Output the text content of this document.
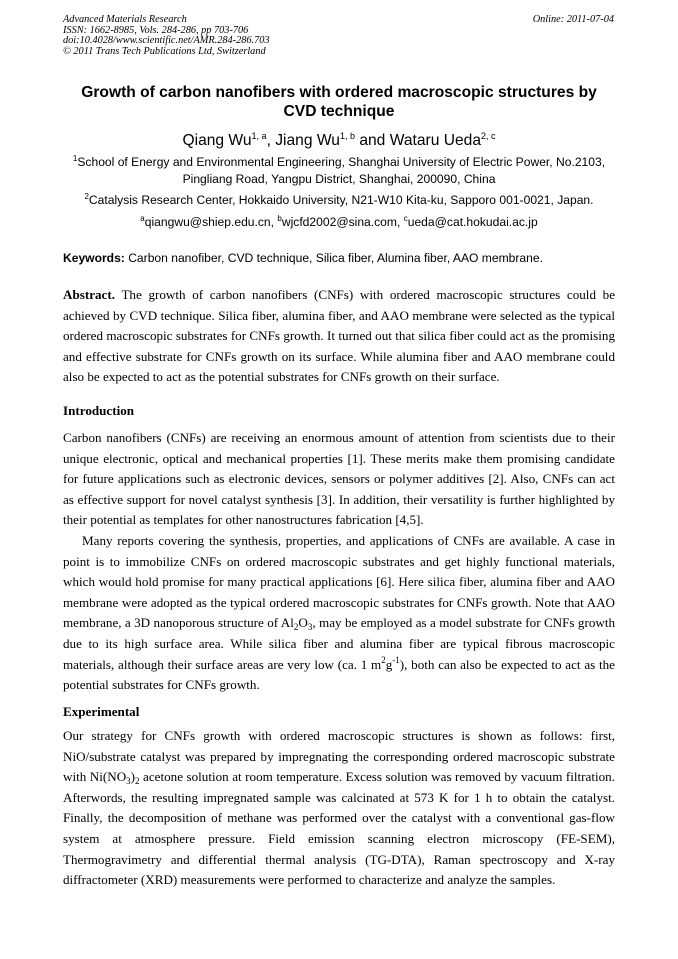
Advanced Materials Research
ISSN: 1662-8985, Vols. 284-286, pp 703-706
doi:10.4028/www.scientific.net/AMR.284-286.703
© 2011 Trans Tech Publications Ltd, Switzerland
Online: 2011-07-04
Growth of carbon nanofibers with ordered macroscopic structures by CVD technique
Qiang Wu$^{1, a}$, Jiang Wu$^{1, b}$ and Wataru Ueda$^{2, c}$
$^1$School of Energy and Environmental Engineering, Shanghai University of Electric Power, No.2103, Pingliang Road, Yangpu District, Shanghai, 200090, China
$^2$Catalysis Research Center, Hokkaido University, N21-W10 Kita-ku, Sapporo 001-0021, Japan.
$^a$qiangwu@shiep.edu.cn, $^b$wjcfd2002@sina.com, $^c$ueda@cat.hokudai.ac.jp
Keywords: Carbon nanofiber, CVD technique, Silica fiber, Alumina fiber, AAO membrane.

Abstract. The growth of carbon nanofibers (CNFs) with ordered macroscopic structures could be achieved by CVD technique. Silica fiber, alumina fiber, and AAO membrane were selected as the typical ordered macroscopic substrates for CNFs growth. It turned out that silica fiber could act as the promising and effective substrate for CNFs growth on its surface. While alumina fiber and AAO membrane could also be expected to act as the potential substrates for CNFs growth on their surface.

Introduction

Carbon nanofibers (CNFs) are receiving an enormous amount of attention from scientists due to their unique electronic, optical and mechanical properties [1]. These merits make them promising candidate for future applications such as electronic devices, sensors or polymer additives [2]. Also, CNFs can act as effective support for novel catalyst synthesis [3]. In addition, their versatility is further highlighted by their potential as templates for other nanostructures fabrication [4,5].

Many reports covering the synthesis, properties, and applications of CNFs are available. A case in point is to immobilize CNFs on ordered macroscopic substrates and get highly functional materials, which would hold promise for many practical applications [6]. Here silica fiber, alumina fiber and AAO membrane were adopted as the typical ordered macroscopic substrates for CNFs growth. Note that AAO membrane, a 3D nanoporous structure of $Al_2O_3$, may be employed as a model substrate for CNFs growth due to its high surface area. While silica fiber and alumina fiber are typical fibrous macroscopic materials, although their surface areas are very low (ca. 1 $m^2g^{-1}$), both can also be expected to act as the potential substrates for CNFs growth.

Experimental

Our strategy for CNFs growth with ordered macroscopic structures is shown as follows: first, NiO/substrate catalyst was prepared by impregnating the corresponding ordered macroscopic substrate with $Ni(NO_3)_2$ acetone solution at room temperature. Excess solution was removed by vacuum filtration. Afterwords, the resulting impregnated sample was calcinated at 573 K for 1 h to obtain the catalyst. Finally, the decomposition of methane was performed over the catalyst with a conventional gas-flow system at atmosphere pressure. Field emission scanning electron microscopy (FE-SEM), Thermogravimetry and differential thermal analysis (TG-DTA), Raman spectroscopy and X-ray diffractometer (XRD) measurements were performed to characterize and analyze the samples.
